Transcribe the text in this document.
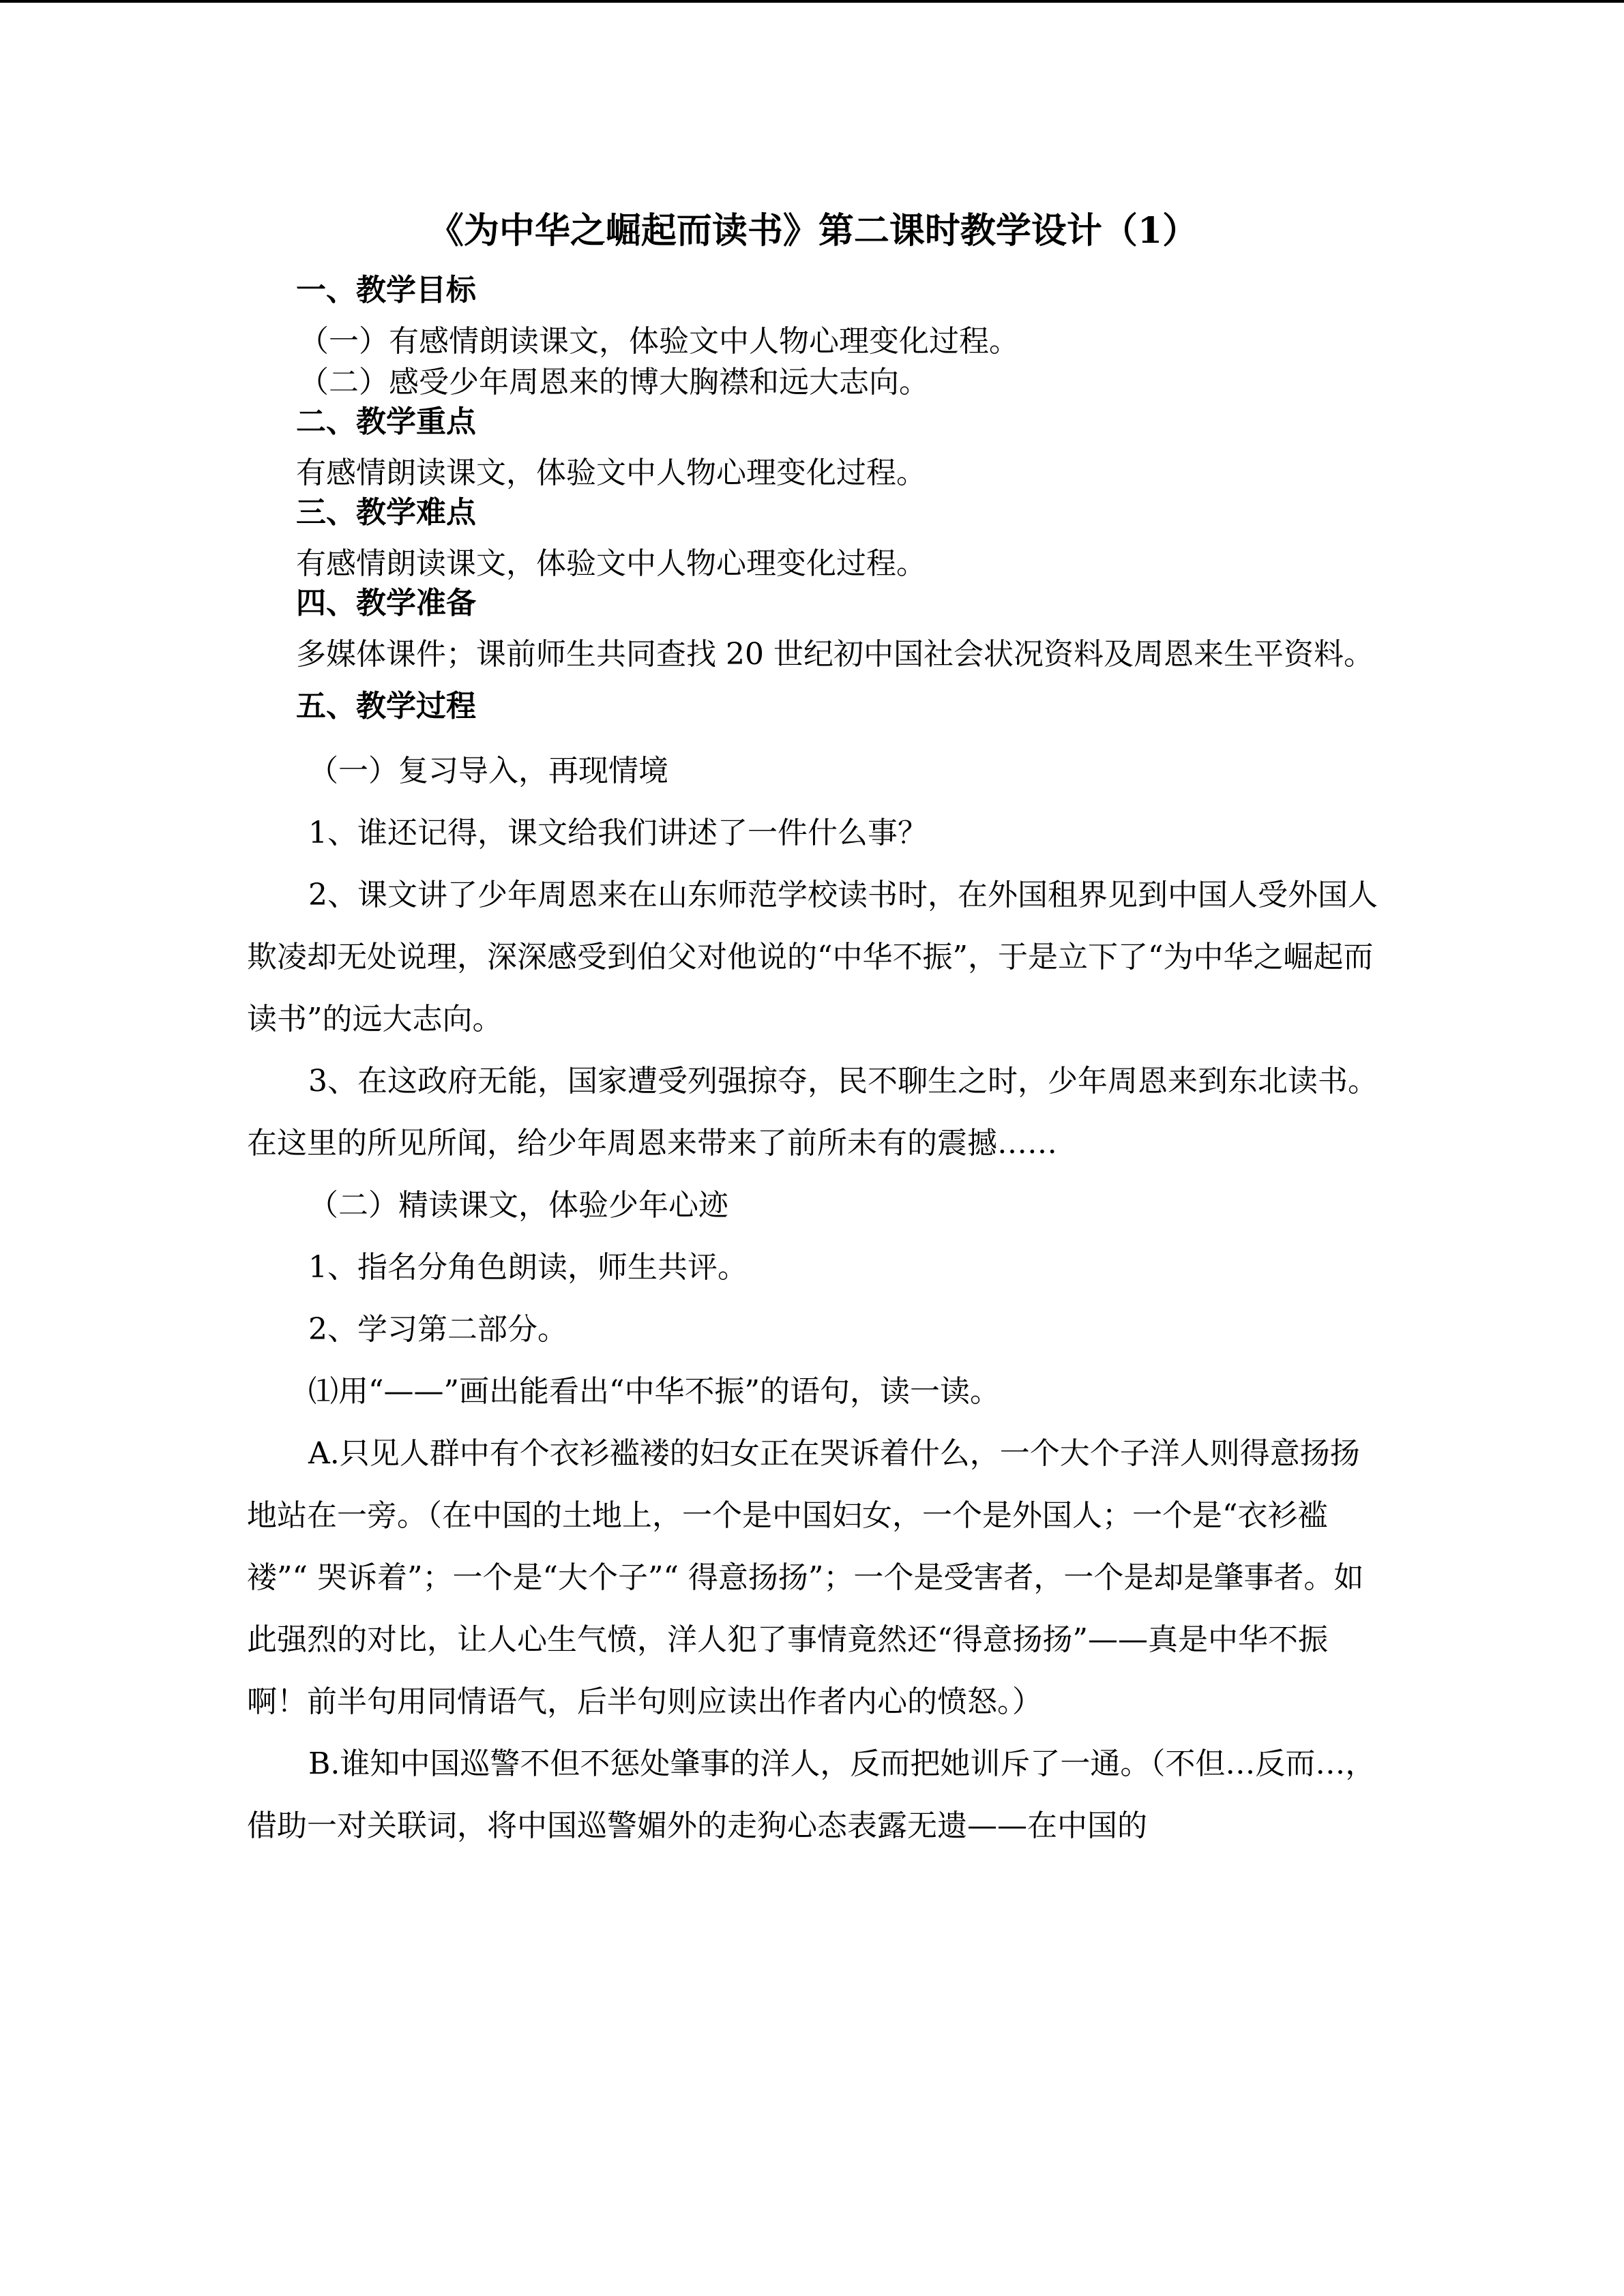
《为中华之崛起而读书》第二课时教学设计（1）
一、教学目标

（一）有感情朗读课文，体验文中人物心理变化过程。

（二）感受少年周恩来的博大胸襟和远大志向。

二、教学重点

有感情朗读课文，体验文中人物心理变化过程。

三、教学难点

有感情朗读课文，体验文中人物心理变化过程。

四、教学准备

多媒体课件；课前师生共同查找 20 世纪初中国社会状况资料及周恩来生平资料。

五、教学过程

（一）复习导入，再现情境

1、谁还记得，课文给我们讲述了一件什么事？

2、课文讲了少年周恩来在山东师范学校读书时，在外国租界见到中国人受外国人欺凌却无处说理，深深感受到伯父对他说的“中华不振”，于是立下了“为中华之崛起而读书”的远大志向。

3、在这政府无能，国家遭受列强掠夺，民不聊生之时，少年周恩来到东北读书。在这里的所见所闻，给少年周恩来带来了前所未有的震撼……

（二）精读课文，体验少年心迹

1、指名分角色朗读，师生共评。

2、学习第二部分。

⑴用“——”画出能看出“中华不振”的语句，读一读。

A.只见人群中有个衣衫褴褛的妇女正在哭诉着什么，一个大个子洋人则得意扬扬地站在一旁。（在中国的土地上，一个是中国妇女，一个是外国人；一个是“衣衫褴褛”“ 哭诉着”；一个是“大个子”“ 得意扬扬”；一个是受害者，一个是却是肇事者。如此强烈的对比，让人心生气愤，洋人犯了事情竟然还“得意扬扬”——真是中华不振啊！前半句用同情语气，后半句则应读出作者内心的愤怒。）

B.谁知中国巡警不但不惩处肇事的洋人，反而把她训斥了一通。（不但…反而…，借助一对关联词，将中国巡警媚外的走狗心态表露无遗——在中国的
